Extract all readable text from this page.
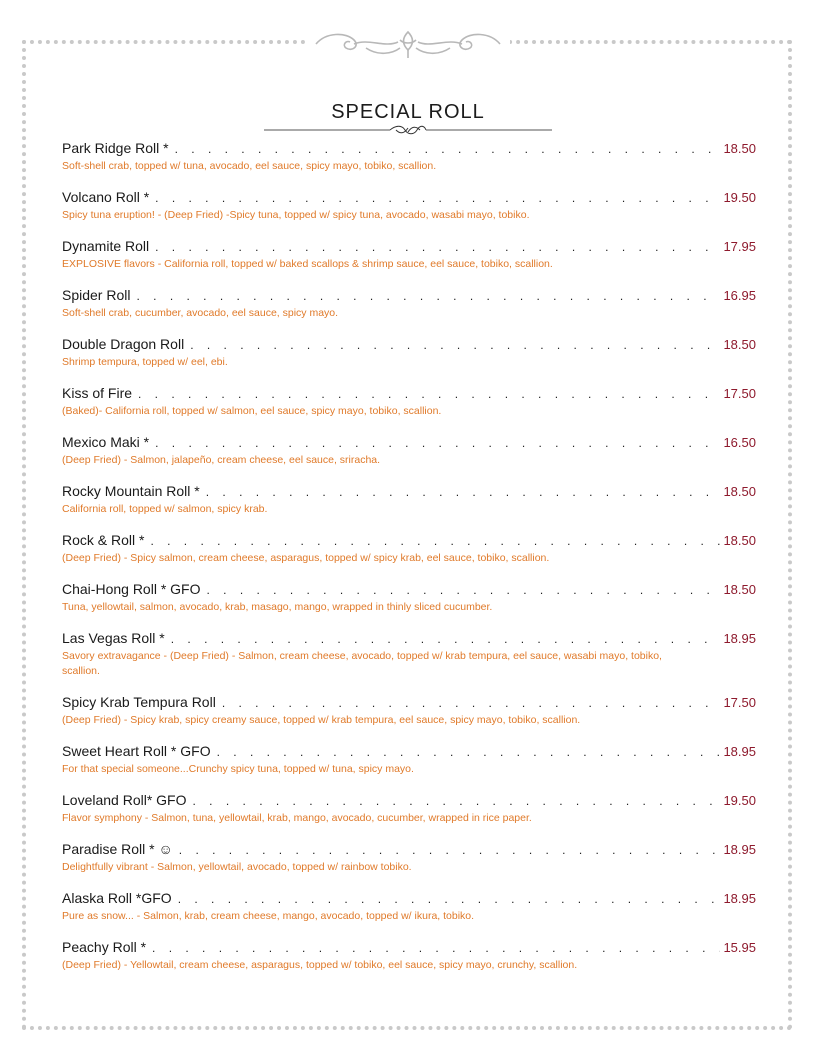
SPECIAL ROLL
Park Ridge Roll * . . .	18.50
Soft-shell crab, topped w/ tuna, avocado, eel sauce, spicy mayo, tobiko, scallion.
Volcano Roll * . . .	19.50
Spicy tuna eruption! - (Deep Fried) -Spicy tuna, topped w/ spicy tuna, avocado, wasabi mayo, tobiko.
Dynamite Roll . . .	17.95
EXPLOSIVE flavors - California roll, topped w/ baked scallops & shrimp sauce, eel sauce, tobiko, scallion.
Spider Roll . . .	16.95
Soft-shell crab, cucumber, avocado, eel sauce, spicy mayo.
Double Dragon Roll . . .	18.50
Shrimp tempura, topped w/ eel, ebi.
Kiss of Fire . . .	17.50
(Baked)- California roll, topped w/ salmon, eel sauce, spicy mayo, tobiko, scallion.
Mexico Maki * . . .	16.50
(Deep Fried) - Salmon, jalapeño, cream cheese, eel sauce, sriracha.
Rocky Mountain Roll * . . .	18.50
California roll, topped w/ salmon, spicy krab.
Rock & Roll * . . .	18.50
(Deep Fried) - Spicy salmon, cream cheese, asparagus, topped w/ spicy krab, eel sauce, tobiko, scallion.
Chai-Hong Roll * GFO . . .	18.50
Tuna, yellowtail, salmon, avocado, krab, masago, mango, wrapped in thinly sliced cucumber.
Las Vegas Roll * . . .	18.95
Savory extravagance - (Deep Fried) - Salmon, cream cheese, avocado, topped w/ krab tempura, eel sauce, wasabi mayo, tobiko, scallion.
Spicy Krab Tempura Roll . . .	17.50
(Deep Fried) - Spicy krab, spicy creamy sauce, topped w/ krab tempura, eel sauce, spicy mayo, tobiko, scallion.
Sweet Heart Roll * GFO . . .	18.95
For that special someone...Crunchy spicy tuna, topped w/ tuna, spicy mayo.
Loveland Roll* GFO . . .	19.50
Flavor symphony - Salmon, tuna, yellowtail, krab, mango, avocado, cucumber, wrapped in rice paper.
Paradise Roll * ☺ . . .	18.95
Delightfully vibrant - Salmon, yellowtail, avocado, topped w/ rainbow tobiko.
Alaska Roll *GFO . . .	18.95
Pure as snow... - Salmon, krab, cream cheese, mango, avocado, topped w/ ikura, tobiko.
Peachy Roll * . . .	15.95
(Deep Fried) - Yellowtail, cream cheese, asparagus, topped w/ tobiko, eel sauce, spicy mayo, crunchy, scallion.
